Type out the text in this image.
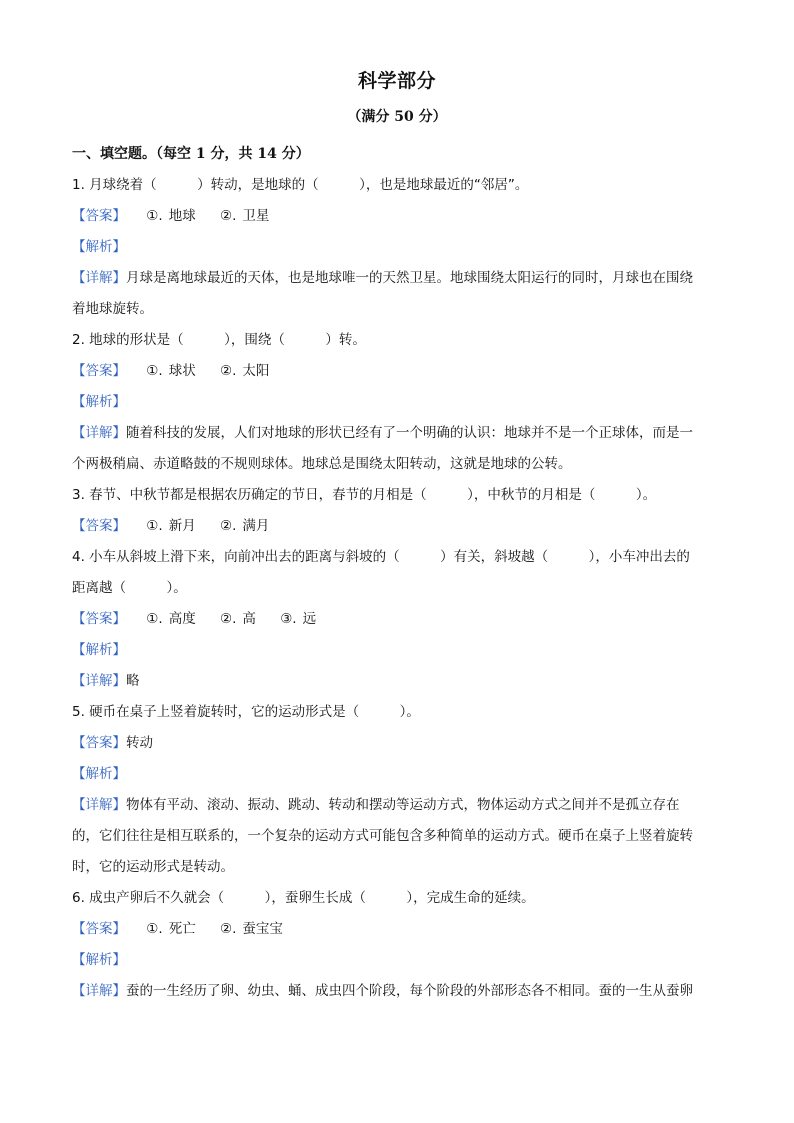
科学部分
（满分 50 分）
一、填空题。（每空 1 分，共 14 分）
1. 月球绕着（　　　）转动，是地球的（　　　），也是地球最近的“邻居”。
【答案】 ①. 地球 ②. 卫星
【解析】
【详解】月球是离地球最近的天体，也是地球唯一的天然卫星。地球围绕太阳运行的同时，月球也在围绕
着地球旋转。
2. 地球的形状是（　　　），围绕（　　　）转。
【答案】 ①. 球状 ②. 太阳
【解析】
【详解】随着科技的发展，人们对地球的形状已经有了一个明确的认识：地球并不是一个正球体，而是一
个两极稍扁、赤道略鼓的不规则球体。地球总是围绕太阳转动，这就是地球的公转。
3. 春节、中秋节都是根据农历确定的节日，春节的月相是（　　　），中秋节的月相是（　　　）。
【答案】 ①. 新月 ②. 满月
4. 小车从斜坡上滑下来，向前冲出去的距离与斜坡的（　　　）有关，斜坡越（　　　），小车冲出去的
距离越（　　　）。
【答案】 ①. 高度 ②. 高 ③. 远
【解析】
【详解】略
5. 硬币在桌子上竖着旋转时，它的运动形式是（　　　）。
【答案】转动
【解析】
【详解】物体有平动、滚动、振动、跳动、转动和摆动等运动方式，物体运动方式之间并不是孤立存在
的，它们往往是相互联系的，一个复杂的运动方式可能包含多种简单的运动方式。硬币在桌子上竖着旋转
时，它的运动形式是转动。
6. 成虫产卵后不久就会（　　　），蚕卵生长成（　　　），完成生命的延续。
【答案】 ①. 死亡 ②. 蚕宝宝
【解析】
【详解】蚕的一生经历了卵、幼虫、蛹、成虫四个阶段，每个阶段的外部形态各不相同。蚕的一生从蚕卵
